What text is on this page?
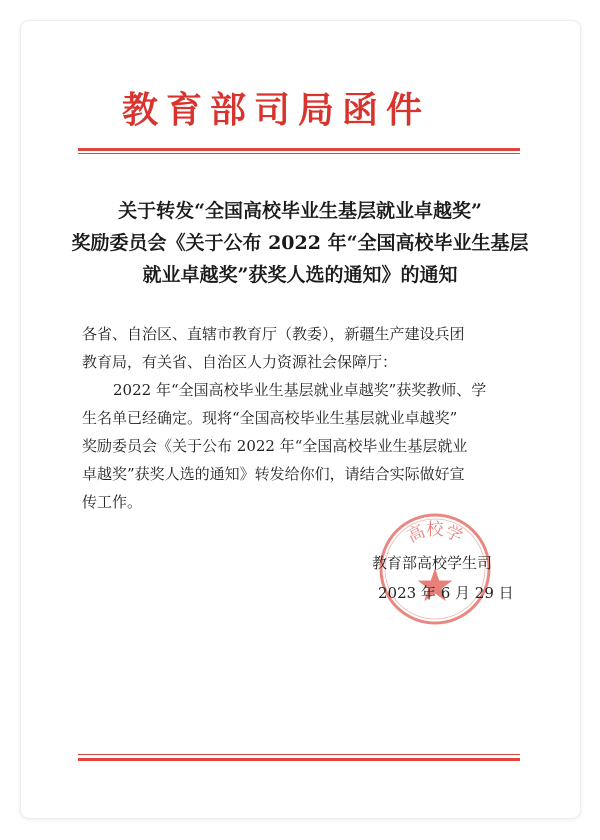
教育部司局函件
关于转发“全国高校毕业生基层就业卓越奖”
奖励委员会《关于公布 2022 年“全国高校毕业生基层
就业卓越奖”获奖人选的通知》的通知

各省、自治区、直辖市教育厅（教委），新疆生产建设兵团

教育局，有关省、自治区人力资源社会保障厅：

2022 年“全国高校毕业生基层就业卓越奖”获奖教师、学

生名单已经确定。现将“全国高校毕业生基层就业卓越奖”

奖励委员会《关于公布 2022 年“全国高校毕业生基层就业

卓越奖”获奖人选的通知》转发给你们，请结合实际做好宣

传工作。

高校学

教育部高校学生司

2023 年 6 月 29 日
